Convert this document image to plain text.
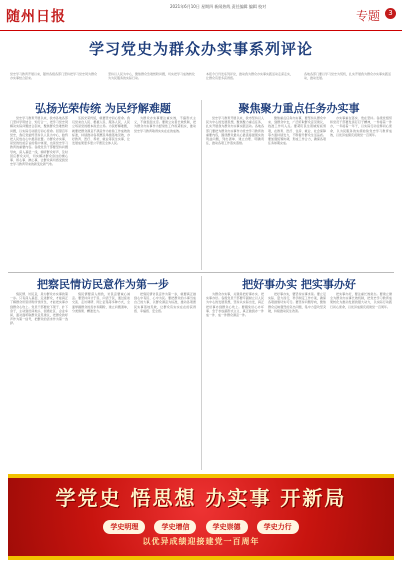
随州日报
2021年6月10日 星期四 新闻热线 责任编辑 编辑 校对
专题	3
学习党史为群众办实事系列评论

党史学习教育开展以来，随州各级各部门坚持把学习党史同为群众办实事结合起来。

坚持以人民为中心，聚焦群众急难愁盼问题，切实把学习成效转化为为民服务的实际行动。

本报今日刊发系列评论，推动我为群众办实事实践活动走深走实，让群众有更多获得感。

各地各部门要以学习党史为契机，扎实开展我为群众办实事实践活动，推动发展。

弘扬光荣传统 为民纾解难题

党史学习教育开展以来，我市各地各部门坚持学用结合、知行合一，把学习党史同解决实际问题结合起来，聚焦群众急难愁盼问题，以实际行动践行初心使命。回望百年党史，我们党始终坚持以人民为中心，始终把人民放在心中最高位置。为群众办实事，是党的性质宗旨的集中体现，也是党史学习教育的重要内容。各级党员干部要坚持问题导向，深入基层一线，倾听群众呼声，及时回应群众关切，切实解决群众身边的操心事、烦心事、揪心事，让群众真切感受到党史学习教育带来的新变化新气象。

弘扬光荣传统，就要坚守初心使命。我们党来自人民、根植人民、服务人民，人民立场是党的根本政治立场。为民纾解难题，就要把群众满意不满意作为检验工作成效的标准，持续推动各项惠民举措落地见效，办好教育、医疗、养老、就业等民生实事，让发展成果更多更公平惠及全体人民。

为群众办实事要注重实效，不搞形式主义，不做表面文章。要建立完善长效机制，把为群众办实事作为经常性工作抓紧抓实，推动党史学习教育取得实实在在的成效。

聚焦聚力重点任务办实事

党史学习教育开展以来，我市坚持以人民为中心的发展思想，聚焦聚力重点任务，扎实开展我为群众办实事实践活动。各地各部门要把为群众办实事作为党史学习教育的重要内容，围绕群众最关心最直接最现实的利益问题，列出清单、建立台账、明确责任，推动各项工作落实落细。

聚焦重点任务办实事，要坚持从群众中来、到群众中去，广泛听取群众意见建议，找准工作切入点。要紧盯民生领域短板弱项，在教育、医疗、住房、就业、社会保障等方面持续发力，不断提升群众生活品质。要加强统筹协调，形成工作合力，确保各项任务如期完成。

办实事重在落实、贵在坚持。各级党组织和党员干部要发扬钉钉子精神，一件接着一件办，一年接着一年干，以实际行动诠释初心使命，以为民服务的实绩检验党史学习教育成效，以优异成绩庆祝建党一百周年。

把察民情访民意作为第一步

察民情、访民意，是为群众办实事的第一步。只有深入基层、走进群众，才能真正了解群众所思所盼所忧所急，才能把实事办到群众心坎上。党员干部要放下架子、扑下身子，主动到田间地头、街道社区、企业车间，面对面听取群众意见建议，把群众的呼声作为第一信号，把群众的需求作为第一选择。

察民情要深入细致，访民意要诚心诚意。要坚持问计于民、问需于民，通过座谈交流、走访调研、网上征集等多种方式，全面掌握群众的需求和期盼，建立问题清单，分类施策、精准发力。

把察民情访民意作为第一步，就要真正做到心中有民、心中为民。要把群众的小事当成自己的大事，以群众满意为标准，推动各项惠民实事落地见效，让群众有实实在在的获得感、幸福感、安全感。

把好事办实 把实事办好

为群众办实事，关键是把好事办实、把实事办好。各级党员干部要牢固树立以人民为中心的发展思想，坚持从实际出发，真正把好事办到群众心坎上。要避免好心办坏事、急于求成搞形式主义，真正做到办一件成一件、成一件群众满意一件。

把好事办实，要坚持实事求是。要立足实际、量力而行，科学制定工作方案，确保各项措施切实可行。要坚持问题导向，聚焦群众反映强烈的突出问题，集中力量攻坚突破，持续推动民生改善。

把实事办好，要注重长效常态。要建立健全为群众办实事长效机制，把党史学习教育成果转化为推动发展的强大动力，以实际行动践行初心使命，以优异成绩庆祝建党一百周年。

学党史 悟思想 办实事 开新局
学史明理	学史增信	学史崇德	学史力行
以优异成绩迎接建党一百周年
